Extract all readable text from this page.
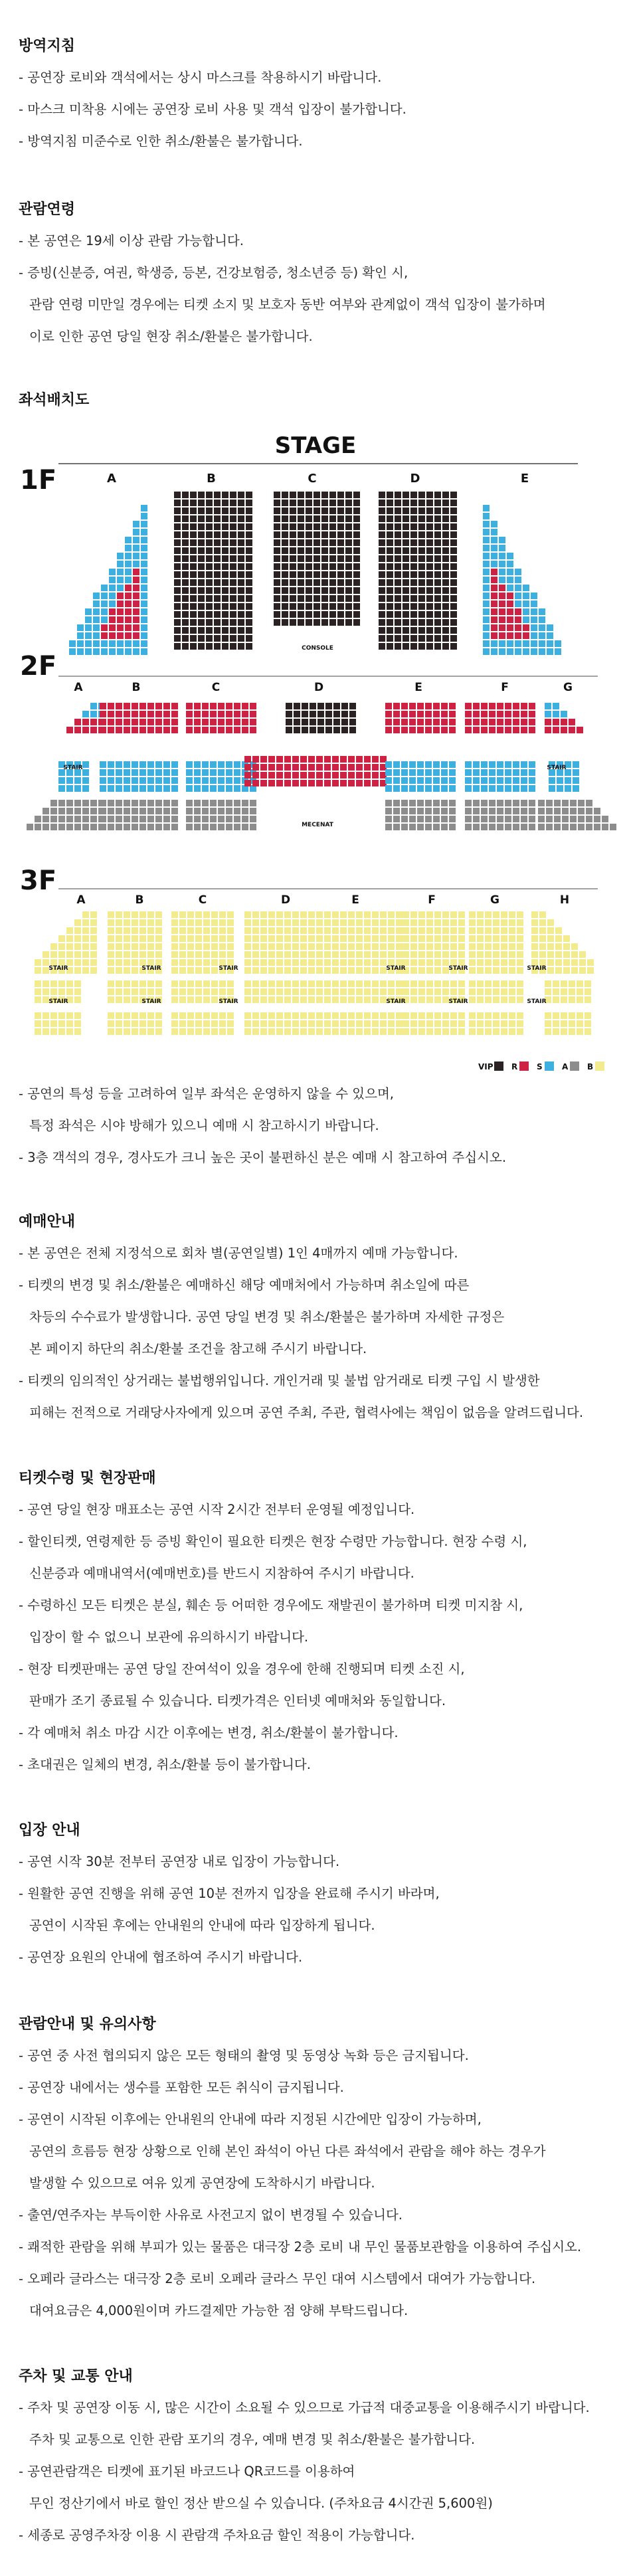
방역지침
- 공연장 로비와 객석에서는 상시 마스크를 착용하시기 바랍니다.
- 마스크 미착용 시에는 공연장 로비 사용 및 객석 입장이 불가합니다.
- 방역지침 미준수로 인한 취소/환불은 불가합니다.
관람연령
- 본 공연은 19세 이상 관람 가능합니다.
- 증빙(신분증, 여권, 학생증, 등본, 건강보험증, 청소년증 등) 확인 시,
관람 연령 미만일 경우에는 티켓 소지 및 보호자 동반 여부와 관계없이 객석 입장이 불가하며
이로 인한 공연 당일 현장 취소/환불은 불가합니다.
좌석배치도
- 공연의 특성 등을 고려하여 일부 좌석은 운영하지 않을 수 있으며,
특정 좌석은 시야 방해가 있으니 예매 시 참고하시기 바랍니다.
- 3층 객석의 경우, 경사도가 크니 높은 곳이 불편하신 분은 예매 시 참고하여 주십시오.
예매안내
- 본 공연은 전체 지정석으로 회차 별(공연일별) 1인 4매까지 예매 가능합니다.
- 티켓의 변경 및 취소/환불은 예매하신 해당 예매처에서 가능하며 취소일에 따른
차등의 수수료가 발생합니다. 공연 당일 변경 및 취소/환불은 불가하며 자세한 규정은
본 페이지 하단의 취소/환불 조건을 참고해 주시기 바랍니다.
- 티켓의 임의적인 상거래는 불법행위입니다. 개인거래 및 불법 암거래로 티켓 구입 시 발생한
피해는 전적으로 거래당사자에게 있으며 공연 주최, 주관, 협력사에는 책임이 없음을 알려드립니다.
티켓수령 및 현장판매
- 공연 당일 현장 매표소는 공연 시작 2시간 전부터 운영될 예정입니다.
- 할인티켓, 연령제한 등 증빙 확인이 필요한 티켓은 현장 수령만 가능합니다. 현장 수령 시,
신분증과 예매내역서(예매번호)를 반드시 지참하여 주시기 바랍니다.
- 수령하신 모든 티켓은 분실, 훼손 등 어떠한 경우에도 재발권이 불가하며 티켓 미지참 시,
입장이 할 수 없으니 보관에 유의하시기 바랍니다.
- 현장 티켓판매는 공연 당일 잔여석이 있을 경우에 한해 진행되며 티켓 소진 시,
판매가 조기 종료될 수 있습니다. 티켓가격은 인터넷 예매처와 동일합니다.
- 각 예매처 취소 마감 시간 이후에는 변경, 취소/환불이 불가합니다.
- 초대권은 일체의 변경, 취소/환불 등이 불가합니다.
입장 안내
- 공연 시작 30분 전부터 공연장 내로 입장이 가능합니다.
- 원활한 공연 진행을 위해 공연 10분 전까지 입장을 완료해 주시기 바라며,
공연이 시작된 후에는 안내원의 안내에 따라 입장하게 됩니다.
- 공연장 요원의 안내에 협조하여 주시기 바랍니다.
관람안내 및 유의사항
- 공연 중 사전 협의되지 않은 모든 형태의 촬영 및 동영상 녹화 등은 금지됩니다.
- 공연장 내에서는 생수를 포함한 모든 취식이 금지됩니다.
- 공연이 시작된 이후에는 안내원의 안내에 따라 지정된 시간에만 입장이 가능하며,
공연의 흐름등 현장 상황으로 인해 본인 좌석이 아닌 다른 좌석에서 관람을 해야 하는 경우가
발생할 수 있으므로 여유 있게 공연장에 도착하시기 바랍니다.
- 출연/연주자는 부득이한 사유로 사전고지 없이 변경될 수 있습니다.
- 쾌적한 관람을 위해 부피가 있는 물품은 대극장 2층 로비 내 무인 물품보관함을 이용하여 주십시오.
- 오페라 글라스는 대극장 2층 로비 오페라 글라스 무인 대여 시스템에서 대여가 가능합니다.
대여요금은 4,000원이며 카드결제만 가능한 점 양해 부탁드립니다.
주차 및 교통 안내
- 주차 및 공연장 이동 시, 많은 시간이 소요될 수 있으므로 가급적 대중교통을 이용해주시기 바랍니다.
주차 및 교통으로 인한 관람 포기의 경우, 예매 변경 및 취소/환불은 불가합니다.
- 공연관람객은 티켓에 표기된 바코드나 QR코드를 이용하여
무인 정산기에서 바로 할인 정산 받으실 수 있습니다. (주차요금 4시간권 5,600원)
- 세종로 공영주차장 이용 시 관람객 주차요금 할인 적용이 가능합니다.
STAGE
1F
2F
3F
A	B	C	D	E
CONSOLE
A	B	C	D	E	F	G
STAIR	STAIR
MECENAT
A	B	C	D	E	F	G	H
STAIR	STAIR	STAIR	STAIR	STAIR	STAIR
STAIR	STAIR	STAIR	STAIR	STAIR	STAIR
VIP R S A B
